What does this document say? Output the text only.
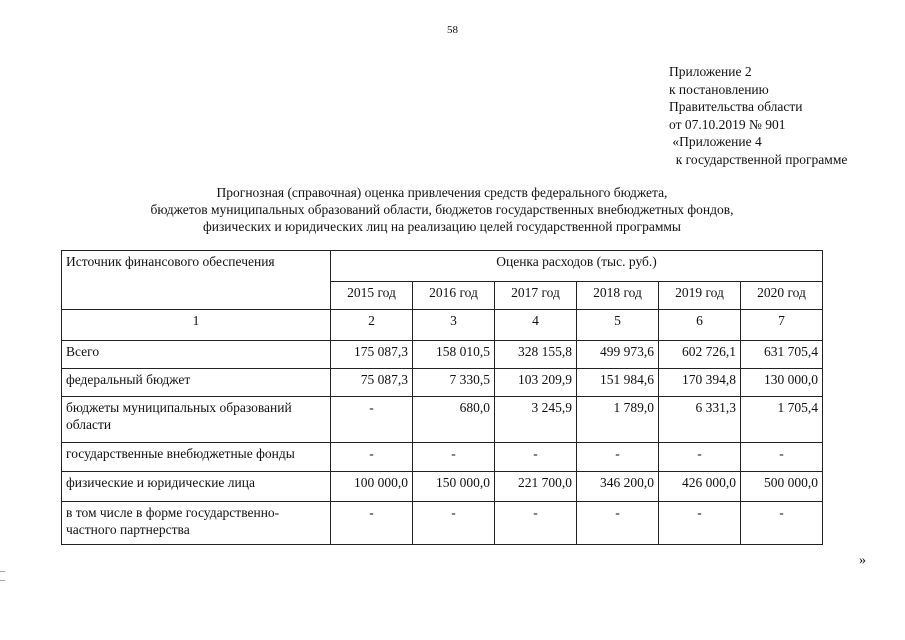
58
Приложение 2
к постановлению
Правительства области
от 07.10.2019 № 901
«Приложение 4
к государственной программе
Прогнозная (справочная) оценка привлечения средств федерального бюджета,
бюджетов муниципальных образований области, бюджетов государственных внебюджетных фондов,
физических и юридических лиц на реализацию целей государственной программы
Источник финансового обеспечения	Оценка расходов (тыс. руб.)					
	2015 год	2016 год	2017 год	2018 год	2019 год	2020 год
1	2	3	4	5	6	7
Всего	175 087,3	158 010,5	328 155,8	499 973,6	602 726,1	631 705,4
федеральный бюджет	75 087,3	7 330,5	103 209,9	151 984,6	170 394,8	130 000,0
бюджеты муниципальных образований области	-	680,0	3 245,9	1 789,0	6 331,3	1 705,4
государственные внебюджетные фонды	-	-	-	-	-	-
физические и юридические лица	100 000,0	150 000,0	221 700,0	346 200,0	426 000,0	500 000,0
в том числе в форме государственно-частного партнерства	-	-	-	-	-	-
»
–
–
